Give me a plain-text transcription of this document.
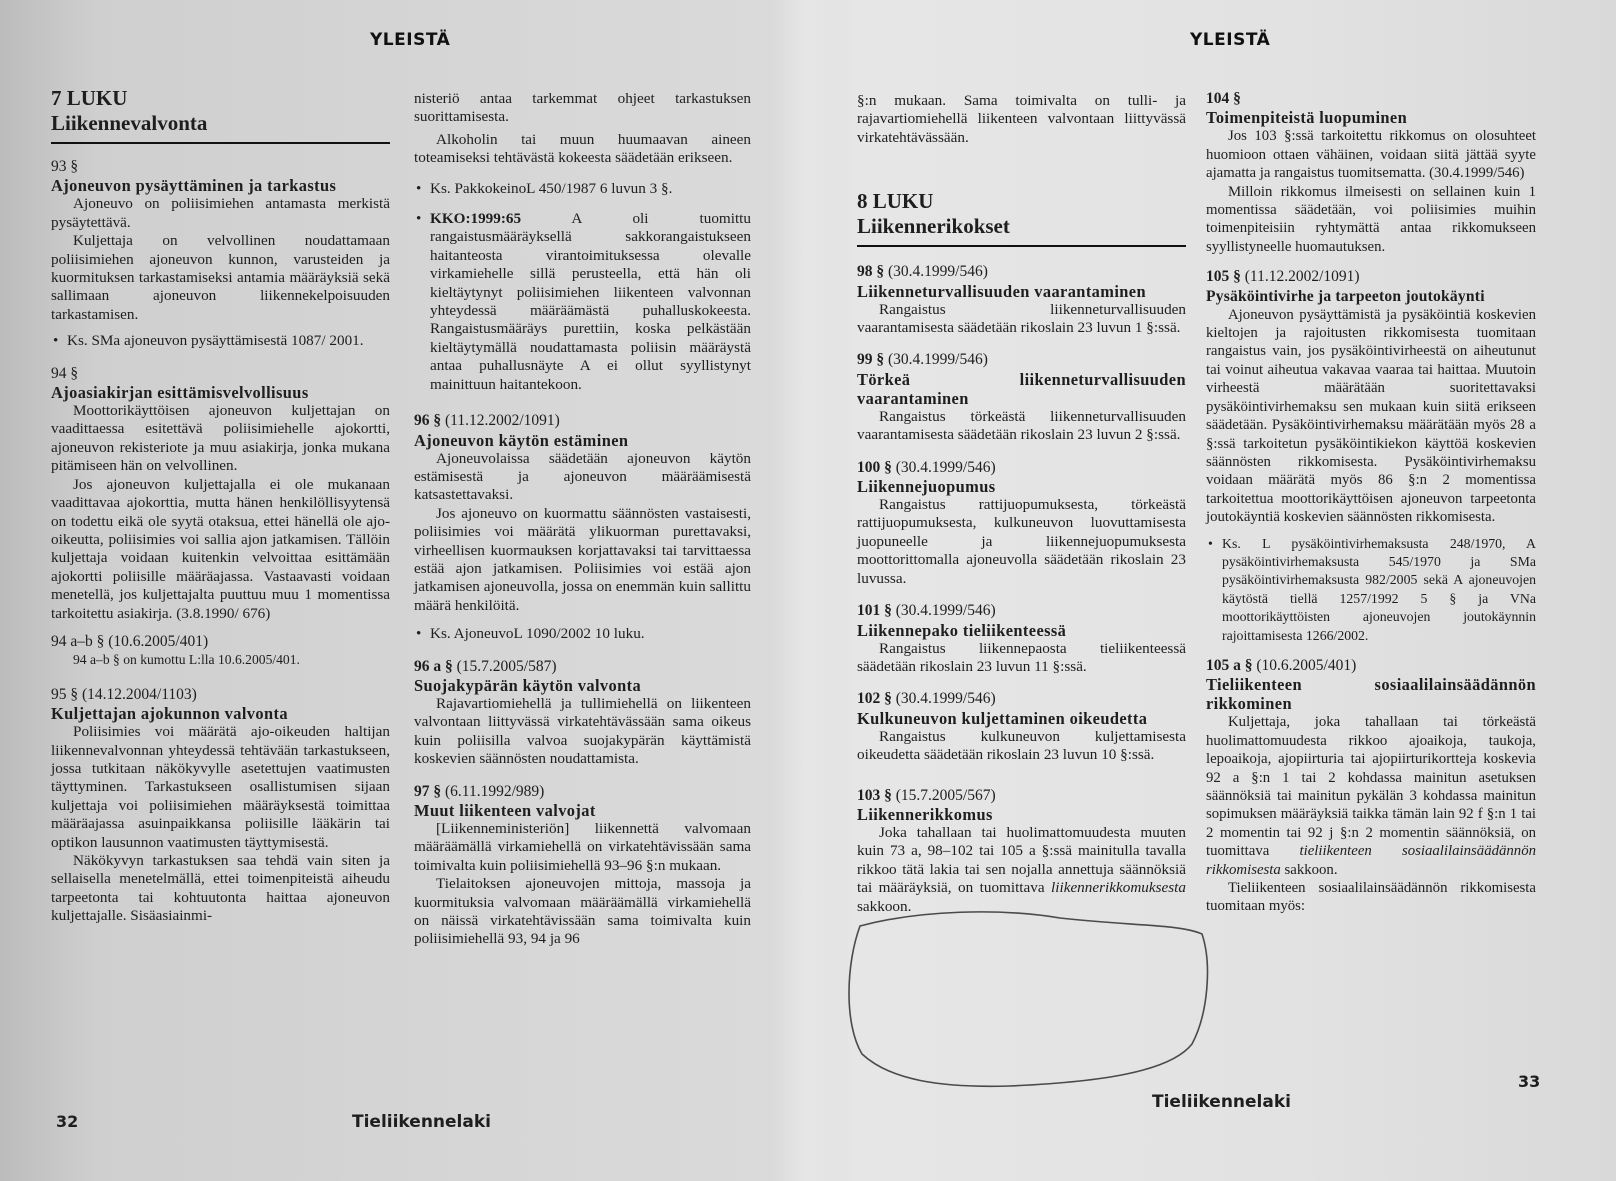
YLEISTÄ
7 LUKU
Liikennevalvonta
93 §
Ajoneuvon pysäyttäminen ja tarkastus

Ajoneuvo on poliisimiehen antamasta merkistä pysäytettävä.

Kuljettaja on velvollinen noudattamaan poliisimiehen ajoneuvon kunnon, varusteiden ja kuormituksen tarkastamiseksi antamia määräyksiä sekä sallimaan ajoneuvon liikennekelpoisuuden tarkastamisen.

• Ks. SMa ajoneuvon pysäyttämisestä 1087/ 2001.
94 §
Ajoasiakirjan esittämisvelvollisuus

Moottorikäyttöisen ajoneuvon kuljettajan on vaadittaessa esitettävä poliisimiehelle ajokortti, ajoneuvon rekisteriote ja muu asiakirja, jonka mukana pitämiseen hän on velvollinen.

Jos ajoneuvon kuljettajalla ei ole mukanaan vaadittavaa ajokorttia, mutta hänen henkilöllisyytensä on todettu eikä ole syytä otaksua, ettei hänellä ole ajo-oikeutta, poliisimies voi sallia ajon jatkamisen. Tällöin kuljettaja voidaan kuitenkin velvoittaa esittämään ajokortti poliisille määräajassa. Vastaavasti voidaan menetellä, jos kuljettajalta puuttuu muu 1 momentissa tarkoitettu asiakirja. (3.8.1990/ 676)

94 a–b § (10.6.2005/401)

94 a–b § on kumottu L:lla 10.6.2005/401.

95 § (14.12.2004/1103)
Kuljettajan ajokunnon valvonta

Poliisimies voi määrätä ajo-oikeuden haltijan liikennevalvonnan yhteydessä tehtävään tarkastukseen, jossa tutkitaan näkökyvylle asetettujen vaatimusten täyttyminen. Tarkastukseen osallistumisen sijaan kuljettaja voi poliisimiehen määräyksestä toimittaa määräajassa asuinpaikkansa poliisille lääkärin tai optikon lausunnon vaatimusten täyttymisestä.

Näkökyvyn tarkastuksen saa tehdä vain siten ja sellaisella menetelmällä, ettei toimenpiteistä aiheudu tarpeetonta tai kohtuutonta haittaa ajoneuvon kuljettajalle. Sisäasiainmi-

nisteriö antaa tarkemmat ohjeet tarkastuksen suorittamisesta.

Alkoholin tai muun huumaavan aineen toteamiseksi tehtävästä kokeesta säädetään erikseen.

• Ks. PakkokeinoL 450/1987 6 luvun 3 §.
• KKO:1999:65	A oli tuomittu rangaistusmääräyksellä sakkorangaistukseen haitanteosta virantoimituksessa olevalle virkamiehelle sillä perusteella, että hän oli kieltäytynyt poliisimiehen liikenteen valvonnan yhteydessä määräämästä puhalluskokeesta. Rangaistusmääräys purettiin, koska pelkästään kieltäytymällä noudattamasta poliisin määräystä antaa puhallusnäyte A ei ollut syyllistynyt mainittuun haitantekoon.
96 § (11.12.2002/1091)
Ajoneuvon käytön estäminen

Ajoneuvolaissa säädetään ajoneuvon käytön estämisestä ja ajoneuvon määräämisestä katsastettavaksi.

Jos ajoneuvo on kuormattu säännösten vastaisesti, poliisimies voi määrätä ylikuorman purettavaksi, virheellisen kuormauksen korjattavaksi tai tarvittaessa estää ajon jatkamisen. Poliisimies voi estää ajon jatkamisen ajoneuvolla, jossa on enemmän kuin sallittu määrä henkilöitä.

• Ks. AjoneuvoL 1090/2002 10 luku.
96 a § (15.7.2005/587)
Suojakypärän käytön valvonta

Rajavartiomiehellä ja tullimiehellä on liikenteen valvontaan liittyvässä virkatehtävässään sama oikeus kuin poliisilla valvoa suojakypärän käyttämistä koskevien säännösten noudattamista.

97 § (6.11.1992/989)
Muut liikenteen valvojat

[Liikenneministeriön] liikennettä valvomaan määräämällä virkamiehellä on virkatehtävissään sama toimivalta kuin poliisimiehellä 93–96 §:n mukaan.

Tielaitoksen ajoneuvojen mittoja, massoja ja kuormituksia valvomaan määräämällä virkamiehellä on näissä virkatehtävissään sama toimivalta kuin poliisimiehellä 93, 94 ja 96

32	Tieliikennelaki
YLEISTÄ

§:n mukaan. Sama toimivalta on tulli- ja rajavartiomiehellä liikenteen valvontaan liittyvässä virkatehtävässään.

8 LUKU
Liikennerikokset
98 § (30.4.1999/546)
Liikenneturvallisuuden vaarantaminen

Rangaistus liikenneturvallisuuden vaarantamisesta säädetään rikoslain 23 luvun 1 §:ssä.

99 § (30.4.1999/546)
Törkeä liikenneturvallisuuden vaarantaminen

Rangaistus törkeästä liikenneturvallisuuden vaarantamisesta säädetään rikoslain 23 luvun 2 §:ssä.

100 § (30.4.1999/546)
Liikennejuopumus

Rangaistus rattijuopumuksesta, törkeästä rattijuopumuksesta, kulkuneuvon luovuttamisesta juopuneelle ja liikennejuopumuksesta moottorittomalla ajoneuvolla säädetään rikoslain 23 luvussa.

101 § (30.4.1999/546)
Liikennepako tieliikenteessä

Rangaistus liikennepaosta tieliikenteessä säädetään rikoslain 23 luvun 11 §:ssä.

102 § (30.4.1999/546)
Kulkuneuvon kuljettaminen oikeudetta

Rangaistus kulkuneuvon kuljettamisesta oikeudetta säädetään rikoslain 23 luvun 10 §:ssä.

103 § (15.7.2005/567)
Liikennerikkomus

Joka tahallaan tai huolimattomuudesta muuten kuin 73 a, 98–102 tai 105 a §:ssä mainitulla tavalla rikkoo tätä lakia tai sen nojalla annettuja säännöksiä tai määräyksiä, on tuomittava liikennerikkomuksesta sakkoon.

104 §
Toimenpiteistä luopuminen

Jos 103 §:ssä tarkoitettu rikkomus on olosuhteet huomioon ottaen vähäinen, voidaan siitä jättää syyte ajamatta ja rangaistus tuomitsematta. (30.4.1999/546)

Milloin rikkomus ilmeisesti on sellainen kuin 1 momentissa säädetään, voi poliisimies muihin toimenpiteisiin ryhtymättä antaa rikkomukseen syyllistyneelle huomautuksen.

105 § (11.12.2002/1091)
Pysäköintivirhe ja tarpeeton joutokäynti

Ajoneuvon pysäyttämistä ja pysäköintiä koskevien kieltojen ja rajoitusten rikkomisesta tuomitaan rangaistus vain, jos pysäköintivirheestä on aiheutunut tai voinut aiheutua vakavaa vaaraa tai haittaa. Muutoin virheestä määrätään suoritettavaksi pysäköintivirhemaksu sen mukaan kuin siitä erikseen säädetään. Pysäköintivirhemaksu määrätään myös 28 a §:ssä tarkoitetun pysäköintikiekon käyttöä koskevien säännösten rikkomisesta. Pysäköintivirhemaksu voidaan määrätä myös 86 §:n 2 momentissa tarkoitettua moottorikäyttöisen ajoneuvon tarpeetonta joutokäyntiä koskevien säännösten rikkomisesta.

• Ks. L pysäköintivirhemaksusta 248/1970, A pysäköintivirhemaksusta 545/1970 ja SMa pysäköintivirhemaksusta 982/2005 sekä A ajoneuvojen käytöstä tiellä 1257/1992 5 § ja VNa moottorikäyttöisten ajoneuvojen joutokäynnin rajoittamisesta 1266/2002.
105 a § (10.6.2005/401)
Tieliikenteen sosiaalilainsäädännön rikkominen

Kuljettaja, joka tahallaan tai törkeästä huolimattomuudesta rikkoo ajoaikoja, taukoja, lepoaikoja, ajopiirturia tai ajopiirturikortteja koskevia 92 a §:n 1 tai 2 kohdassa mainitun asetuksen säännöksiä tai mainitun pykälän 3 kohdassa mainitun sopimuksen määräyksiä taikka tämän lain 92 f §:n 1 tai 2 momentin tai 92 j §:n 2 momentin säännöksiä, on tuomittava tieliikenteen sosiaalilainsäädännön rikkomisesta sakkoon.

Tieliikenteen sosiaalilainsäädännön rikkomisesta tuomitaan myös:

33
Tieliikennelaki
